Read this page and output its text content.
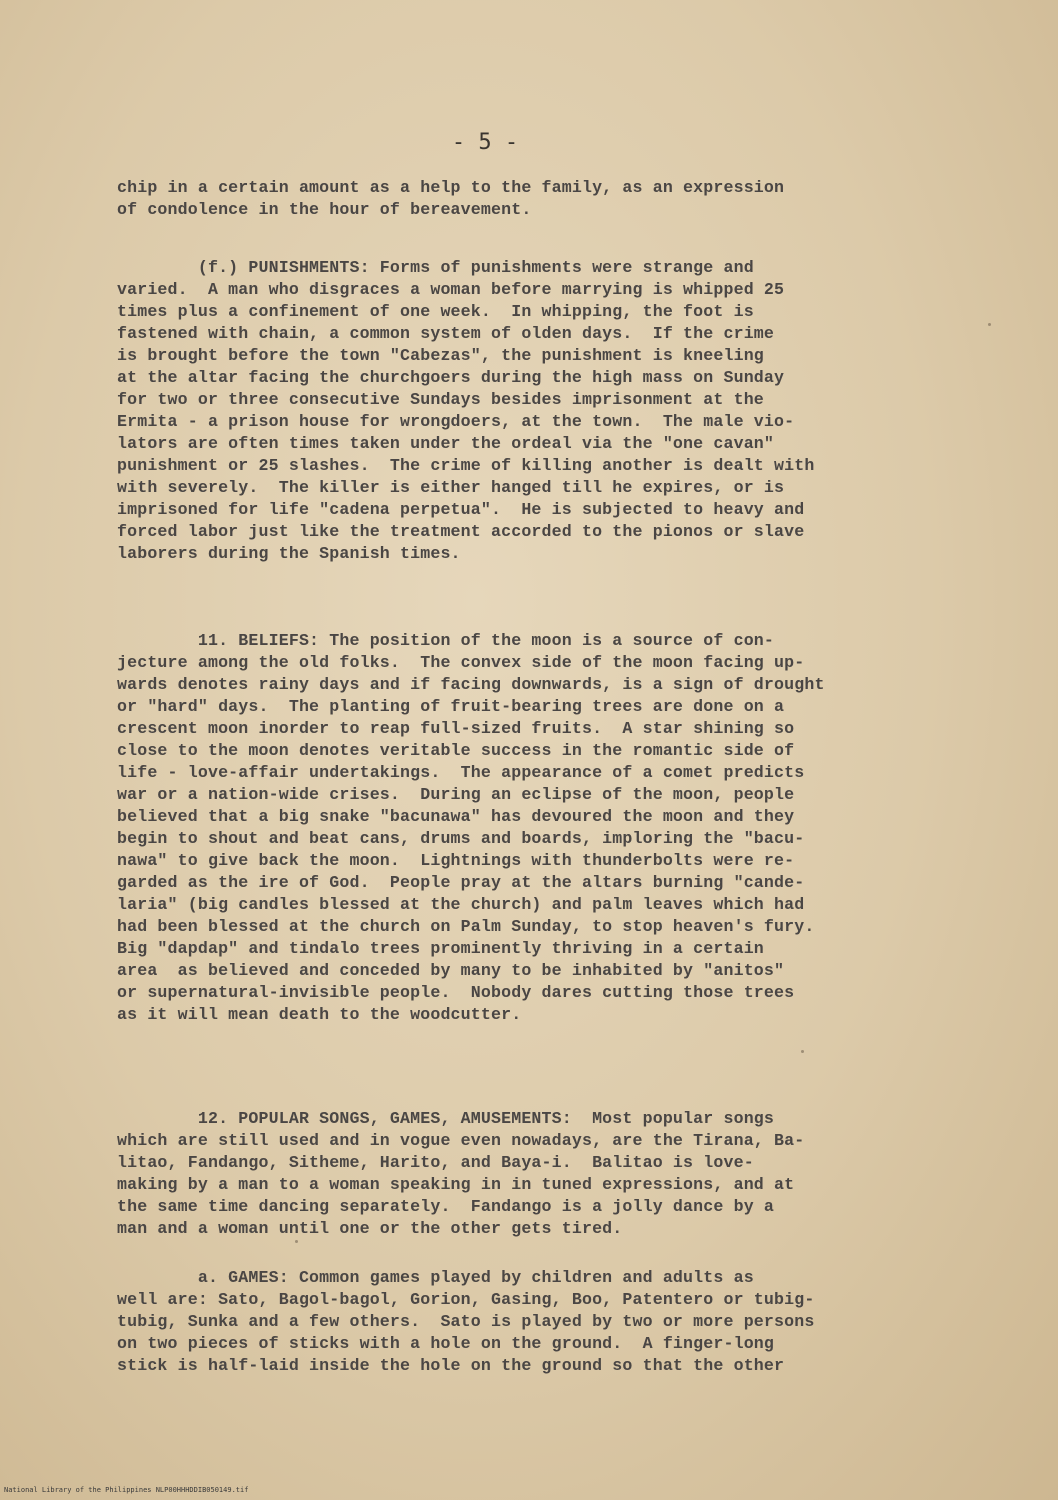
- 5 -
chip in a certain amount as a help to the family, as an expression
of condolence in the hour of bereavement.
(f.) PUNISHMENTS: Forms of punishments were strange and
varied.  A man who disgraces a woman before marrying is whipped 25
times plus a confinement of one week.  In whipping, the foot is
fastened with chain, a common system of olden days.  If the crime
is brought before the town "Cabezas", the punishment is kneeling
at the altar facing the churchgoers during the high mass on Sunday
for two or three consecutive Sundays besides imprisonment at the
Ermita - a prison house for wrongdoers, at the town.  The male vio-
lators are often times taken under the ordeal via the "one cavan"
punishment or 25 slashes.  The crime of killing another is dealt with
with severely.  The killer is either hanged till he expires, or is
imprisoned for life "cadena perpetua".  He is subjected to heavy and
forced labor just like the treatment accorded to the pionos or slave
laborers during the Spanish times.
11. BELIEFS: The position of the moon is a source of con-
jecture among the old folks.  The convex side of the moon facing up-
wards denotes rainy days and if facing downwards, is a sign of drought
or "hard" days.  The planting of fruit-bearing trees are done on a
crescent moon inorder to reap full-sized fruits.  A star shining so
close to the moon denotes veritable success in the romantic side of
life - love-affair undertakings.  The appearance of a comet predicts
war or a nation-wide crises.  During an eclipse of the moon, people
believed that a big snake "bacunawa" has devoured the moon and they
begin to shout and beat cans, drums and boards, imploring the "bacu-
nawa" to give back the moon.  Lightnings with thunderbolts were re-
garded as the ire of God.  People pray at the altars burning "cande-
laria" (big candles blessed at the church) and palm leaves which had
had been blessed at the church on Palm Sunday, to stop heaven's fury.
Big "dapdap" and tindalo trees prominently thriving in a certain
area  as believed and conceded by many to be inhabited by "anitos"
or supernatural-invisible people.  Nobody dares cutting those trees
as it will mean death to the woodcutter.
12. POPULAR SONGS, GAMES, AMUSEMENTS:  Most popular songs
which are still used and in vogue even nowadays, are the Tirana, Ba-
litao, Fandango, Sitheme, Harito, and Baya-i.  Balitao is love-
making by a man to a woman speaking in in tuned expressions, and at
the same time dancing separately.  Fandango is a jolly dance by a
man and a woman until one or the other gets tired.
a. GAMES: Common games played by children and adults as
well are: Sato, Bagol-bagol, Gorion, Gasing, Boo, Patentero or tubig-
tubig, Sunka and a few others.  Sato is played by two or more persons
on two pieces of sticks with a hole on the ground.  A finger-long
stick is half-laid inside the hole on the ground so that the other
National Library of the Philippines NLP00HHHDDIB050149.tif
